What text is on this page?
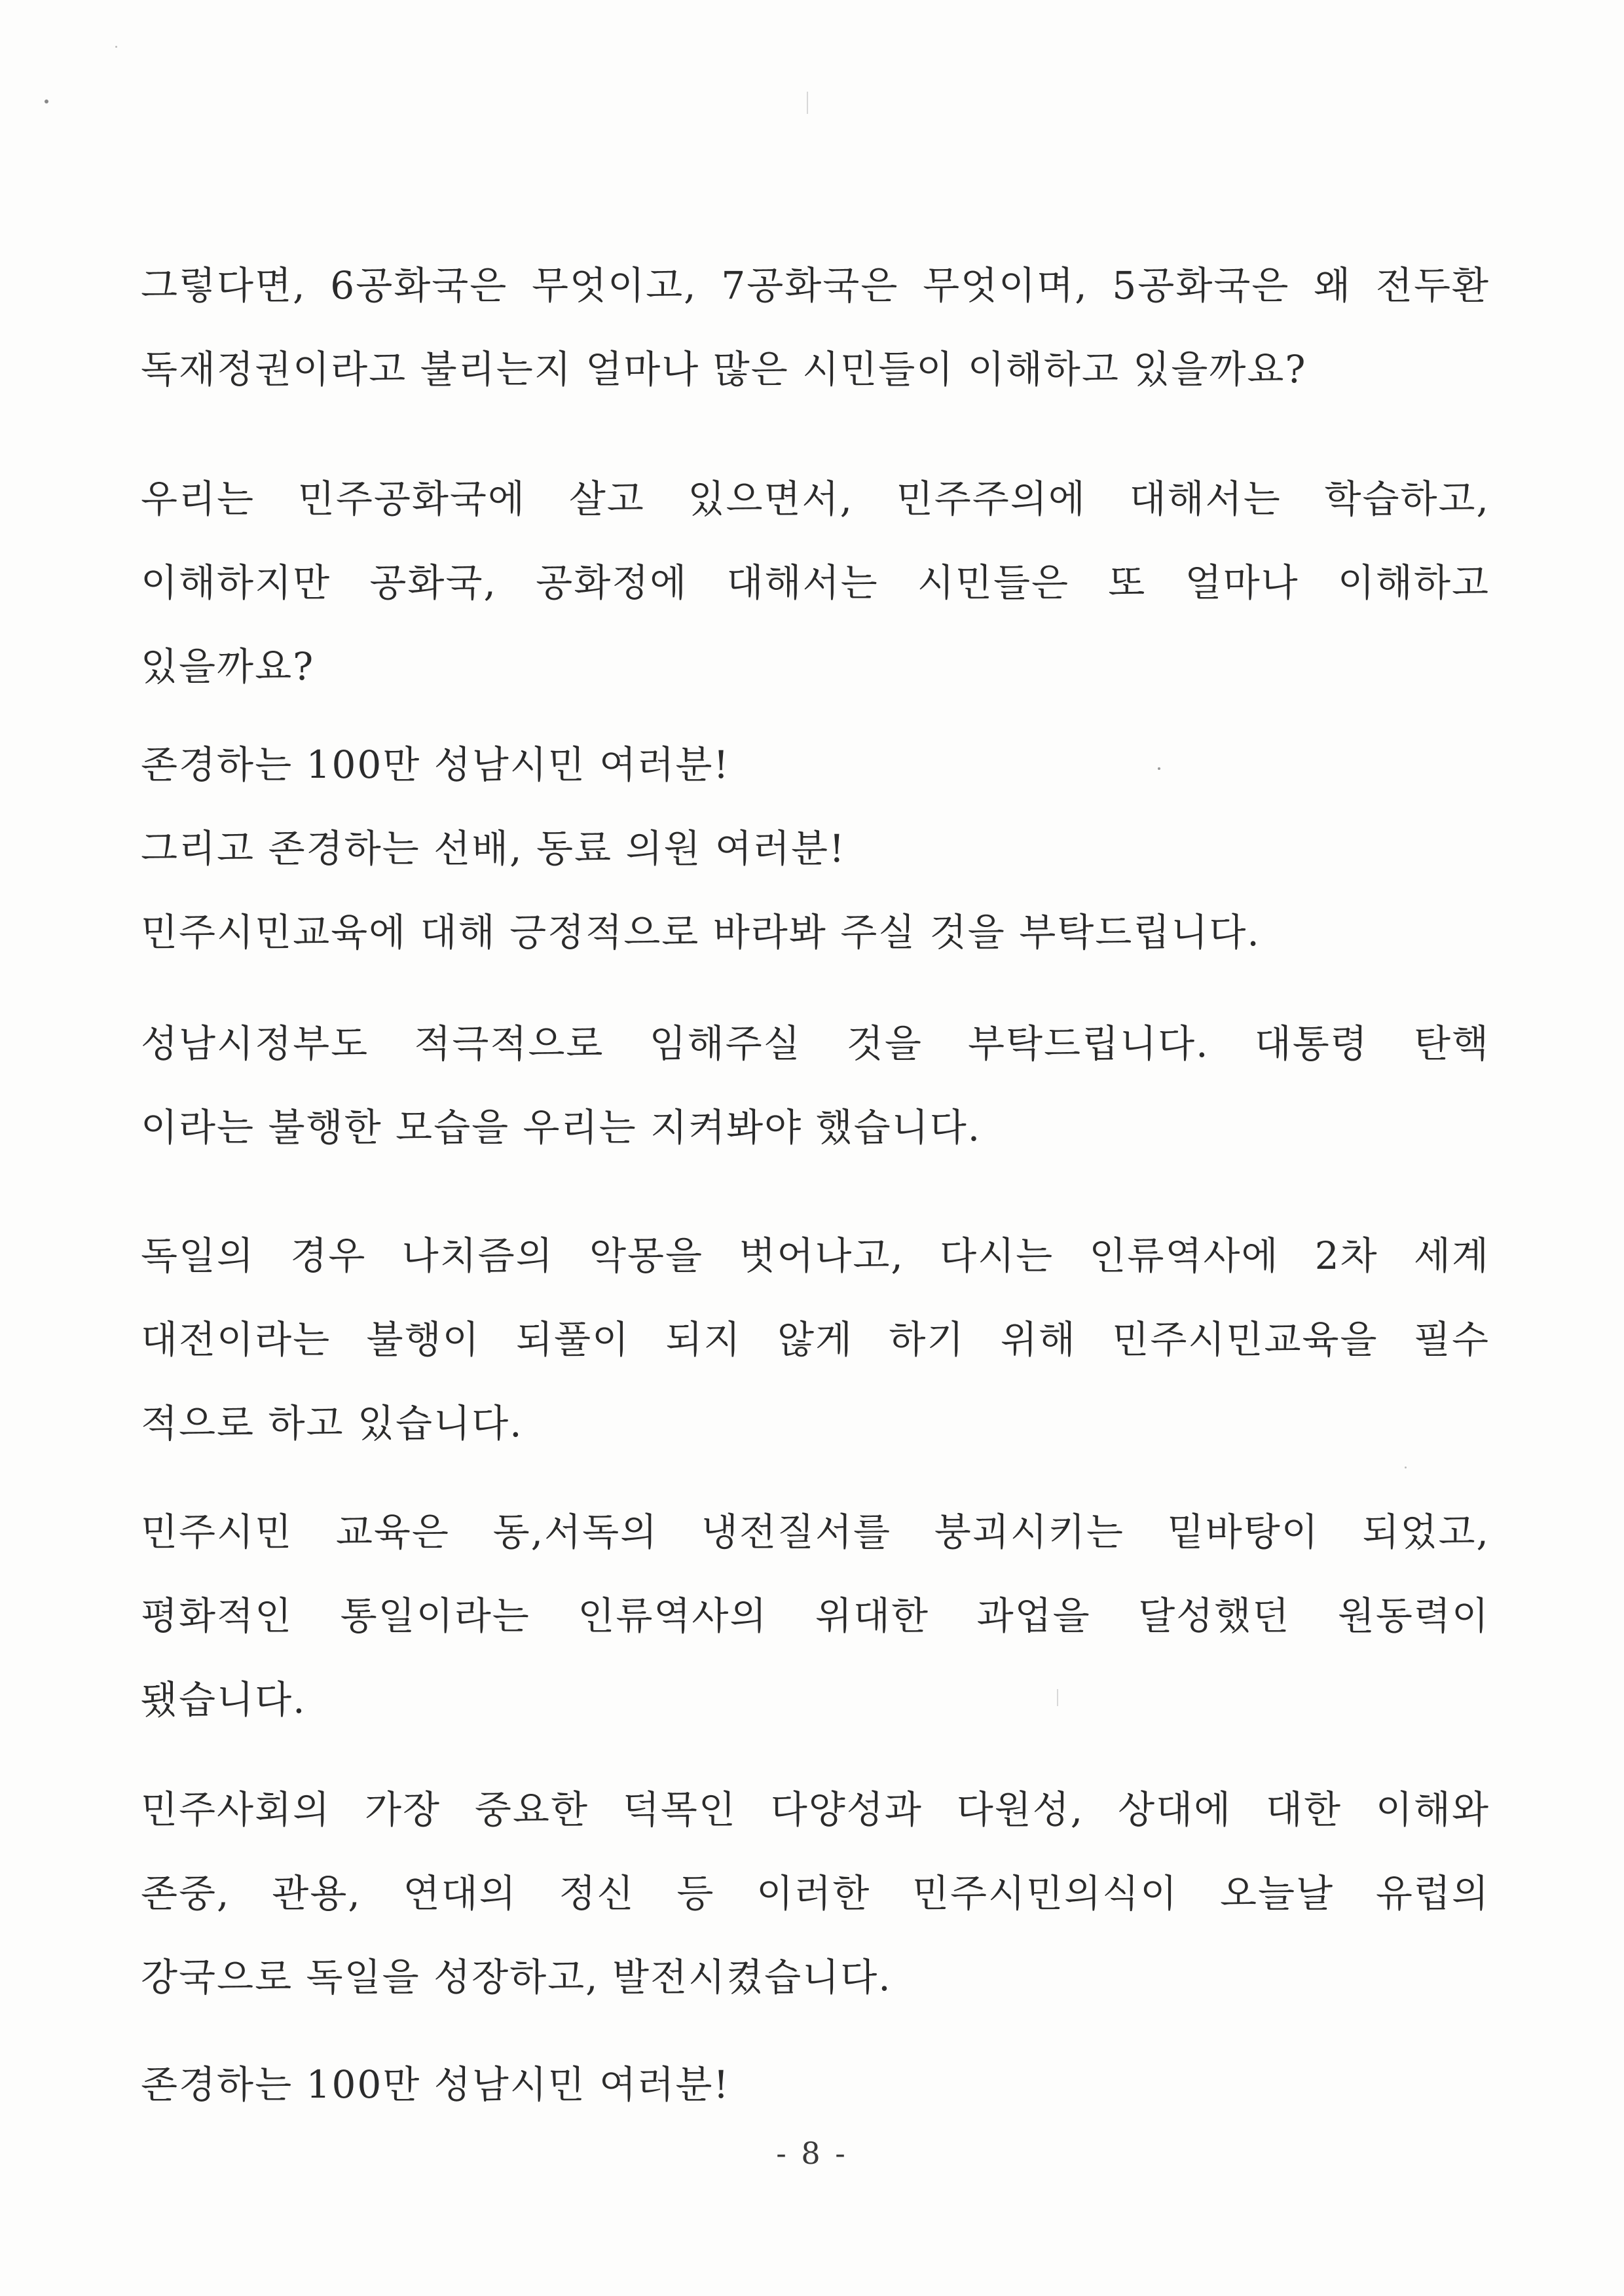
그렇다면, 6공화국은 무엇이고, 7공화국은 무엇이며, 5공화국은 왜 전두환
독재정권이라고 불리는지 얼마나 많은 시민들이 이해하고 있을까요?
우리는 민주공화국에 살고 있으면서, 민주주의에 대해서는 학습하고,
이해하지만 공화국, 공화정에 대해서는 시민들은 또 얼마나 이해하고
있을까요?
존경하는 100만 성남시민 여러분!
그리고 존경하는 선배, 동료 의원 여러분!
민주시민교육에 대해 긍정적으로 바라봐 주실 것을 부탁드립니다.
성남시정부도 적극적으로 임해주실 것을 부탁드립니다. 대통령 탄핵
이라는 불행한 모습을 우리는 지켜봐야 했습니다.
독일의 경우 나치즘의 악몽을 벗어나고, 다시는 인류역사에 2차 세계
대전이라는 불행이 되풀이 되지 않게 하기 위해 민주시민교육을 필수
적으로 하고 있습니다.
민주시민 교육은 동,서독의 냉전질서를 붕괴시키는 밑바탕이 되었고,
평화적인 통일이라는 인류역사의 위대한 과업을 달성했던 원동력이
됐습니다.
민주사회의 가장 중요한 덕목인 다양성과 다원성, 상대에 대한 이해와
존중, 관용, 연대의 정신 등 이러한 민주시민의식이 오늘날 유럽의
강국으로 독일을 성장하고, 발전시켰습니다.
존경하는 100만 성남시민 여러분!
- 8 -
